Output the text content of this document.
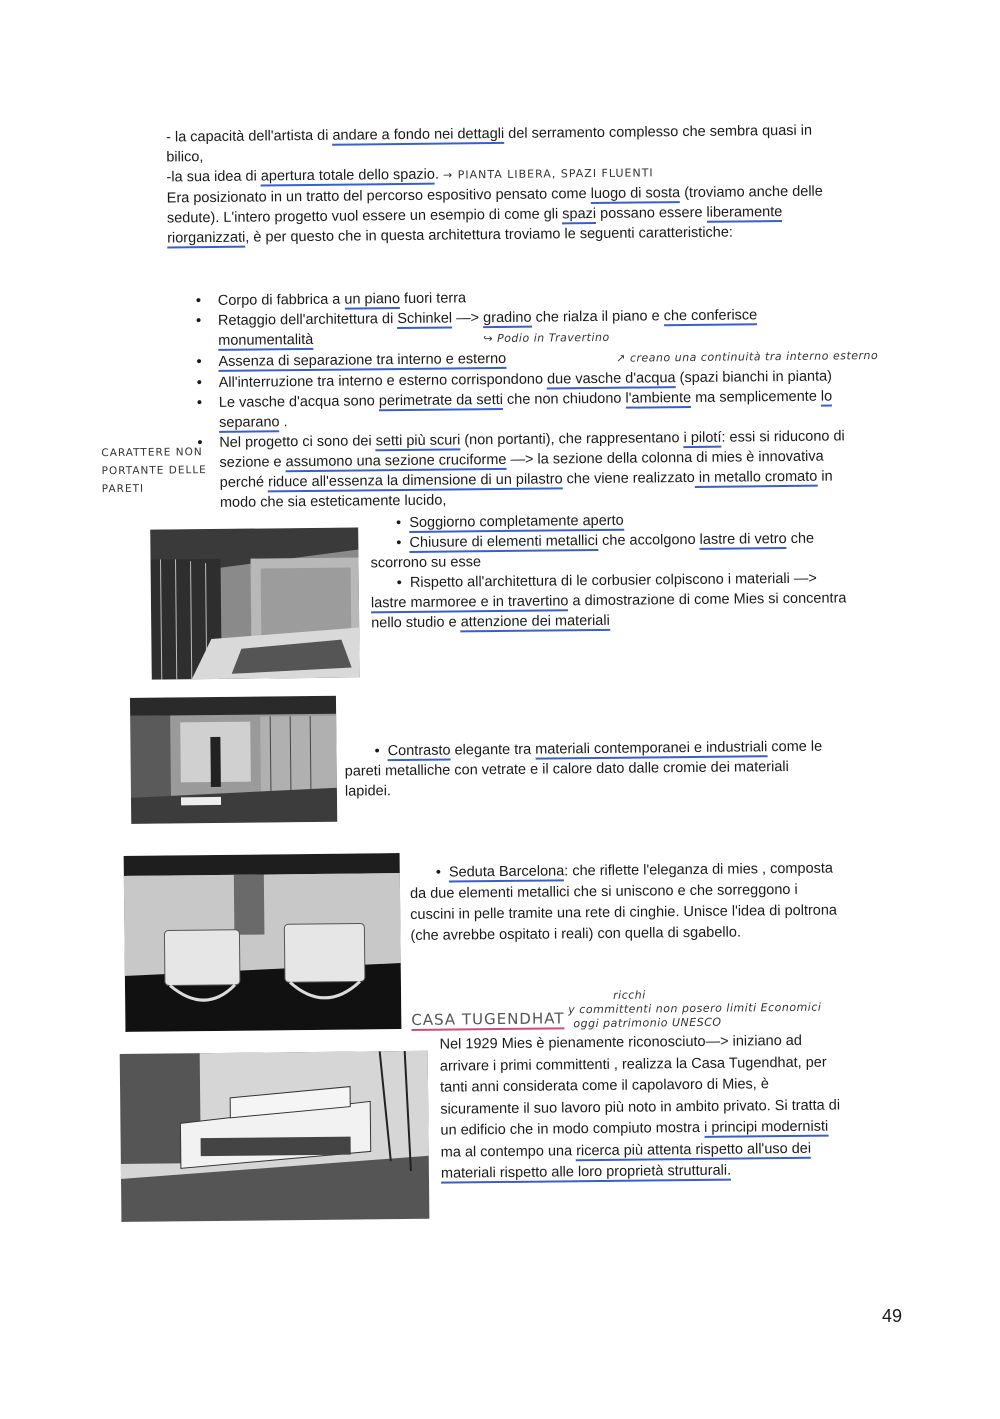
- la capacità dell'artista di andare a fondo nei dettagli del serramento complesso che sembra quasi in
bilico,
-la sua idea di apertura totale dello spazio. → PIANTA LIBERA, SPAZI FLUENTI
Era posizionato in un tratto del percorso espositivo pensato come luogo di sosta (troviamo anche delle
sedute). L'intero progetto vuol essere un esempio di come gli spazi possano essere liberamente
riorganizzati, è per questo che in questa architettura troviamo le seguenti caratteristiche:
• Corpo di fabbrica a un piano fuori terra
• Retaggio dell'architettura di Schinkel —> gradino che rialza il piano e che conferisce
monumentalità	↪ Podio in Travertino
• Assenza di separazione tra interno e esterno	↗ creano una continuità tra interno esterno
• All'interruzione tra interno e esterno corrispondono due vasche d'acqua (spazi bianchi in pianta)
• Le vasche d'acqua sono perimetrate da setti che non chiudono l'ambiente ma semplicemente lo
separano .
• Nel progetto ci sono dei setti più scuri (non portanti), che rappresentano i pilotí: essi si riducono di
sezione e assumono una sezione cruciforme —> la sezione della colonna di mies è innovativa
perché riduce all'essenza la dimensione di un pilastro che viene realizzato in metallo cromato in
modo che sia esteticamente lucido,
CARATTERE NON
PORTANTE DELLE
PARETI
•  Soggiorno completamente aperto
•  Chiusure di elementi metallici che accolgono lastre di vetro che
scorrono su esse
•  Rispetto all'architettura di le corbusier colpiscono i materiali —>
lastre marmoree e in travertino a dimostrazione di come Mies si concentra
nello studio e attenzione dei materiali
•  Contrasto elegante tra materiali contemporanei e industriali come le
pareti metalliche con vetrate e il calore dato dalle cromie dei materiali
lapidei.
•  Seduta Barcelona: che riflette l'eleganza di mies , composta
da due elementi metallici che si uniscono e che sorreggono i
cuscini in pelle tramite una rete di cinghie. Unisce l'idea di poltrona
(che avrebbe ospitato i reali) con quella di sgabello.
CASA TUGENDHAT
ricchi
y committenti non posero limiti Economici
oggi patrimonio UNESCO
Nel 1929 Mies è pienamente riconosciuto—> iniziano ad
arrivare i primi committenti , realizza la Casa Tugendhat, per
tanti anni considerata come il capolavoro di Mies, è
sicuramente il suo lavoro più noto in ambito privato. Si tratta di
un edificio che in modo compiuto mostra i principi modernisti
ma al contempo una ricerca più attenta rispetto all'uso dei
materiali rispetto alle loro proprietà strutturali.
49
